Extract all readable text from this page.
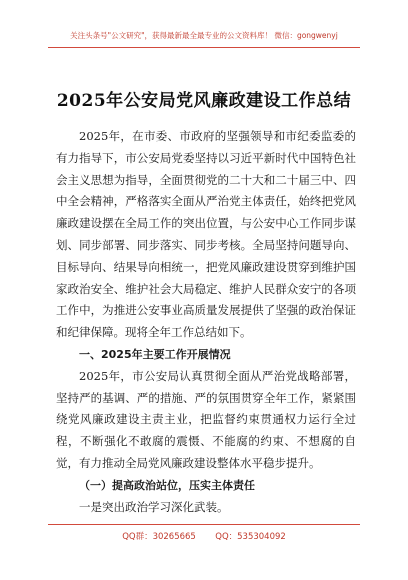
关注头条号"公文研究"，获得最新最全最专业的公文资料库！ 微信：gongwenyj
2025年公安局党风廉政建设工作总结

2025年，在市委、市政府的坚强领导和市纪委监委的有力指导下，市公安局党委坚持以习近平新时代中国特色社会主义思想为指导，全面贯彻党的二十大和二十届三中、四中全会精神，严格落实全面从严治党主体责任，始终把党风廉政建设摆在全局工作的突出位置，与公安中心工作同步谋划、同步部署、同步落实、同步考核。全局坚持问题导向、目标导向、结果导向相统一，把党风廉政建设贯穿到维护国家政治安全、维护社会大局稳定、维护人民群众安宁的各项工作中，为推进公安事业高质量发展提供了坚强的政治保证和纪律保障。现将全年工作总结如下。

一、2025年主要工作开展情况

2025年，市公安局认真贯彻全面从严治党战略部署，坚持严的基调、严的措施、严的氛围贯穿全年工作，紧紧围绕党风廉政建设主责主业，把监督约束贯通权力运行全过程，不断强化不敢腐的震慑、不能腐的约束、不想腐的自觉，有力推动全局党风廉政建设整体水平稳步提升。

（一）提高政治站位，压实主体责任

一是突出政治学习深化武装。

QQ群：30265665 QQ：535304092
